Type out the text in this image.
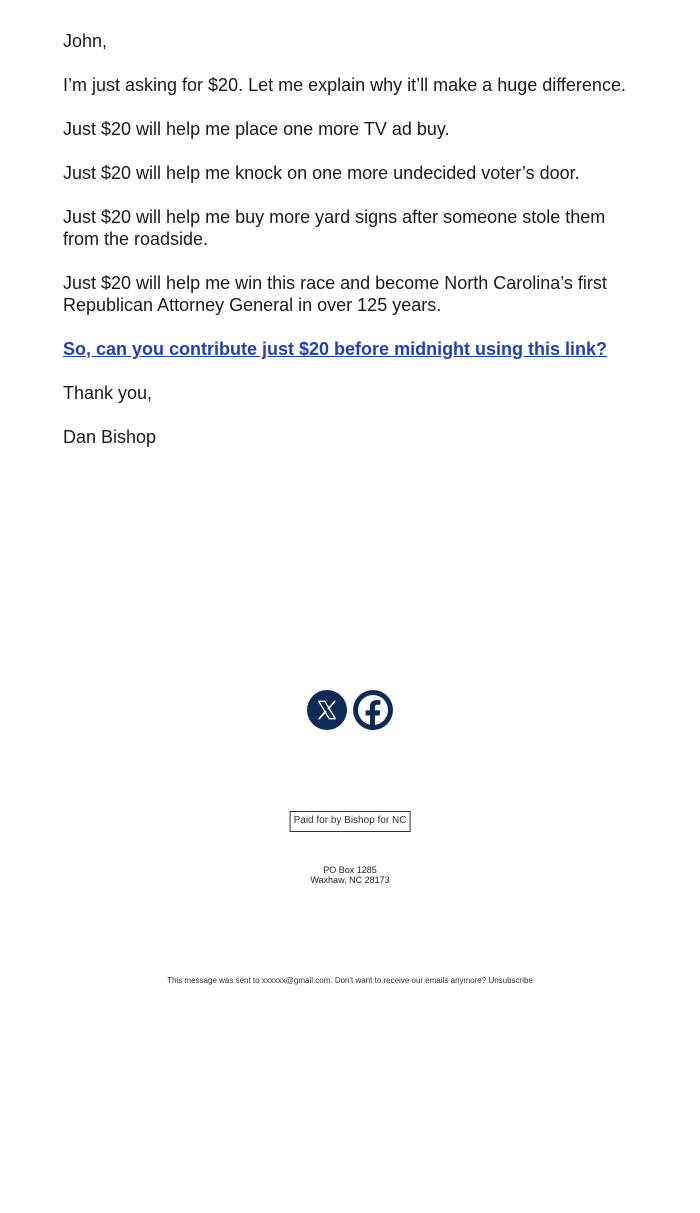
John,

I’m just asking for $20. Let me explain why it’ll make a huge difference.

Just $20 will help me place one more TV ad buy.

Just $20 will help me knock on one more undecided voter’s door.

Just $20 will help me buy more yard signs after someone stole them from the roadside.

Just $20 will help me win this race and become North Carolina’s first Republican Attorney General in over 125 years.

So, can you contribute just $20 before midnight using this link?

Thank you,

Dan Bishop

Paid for by Bishop for NC
PO Box 1285
Waxhaw, NC 28173
This message was sent to xxxxxx@gmail.com. Don't want to receive our emails anymore? Unsubscribe
